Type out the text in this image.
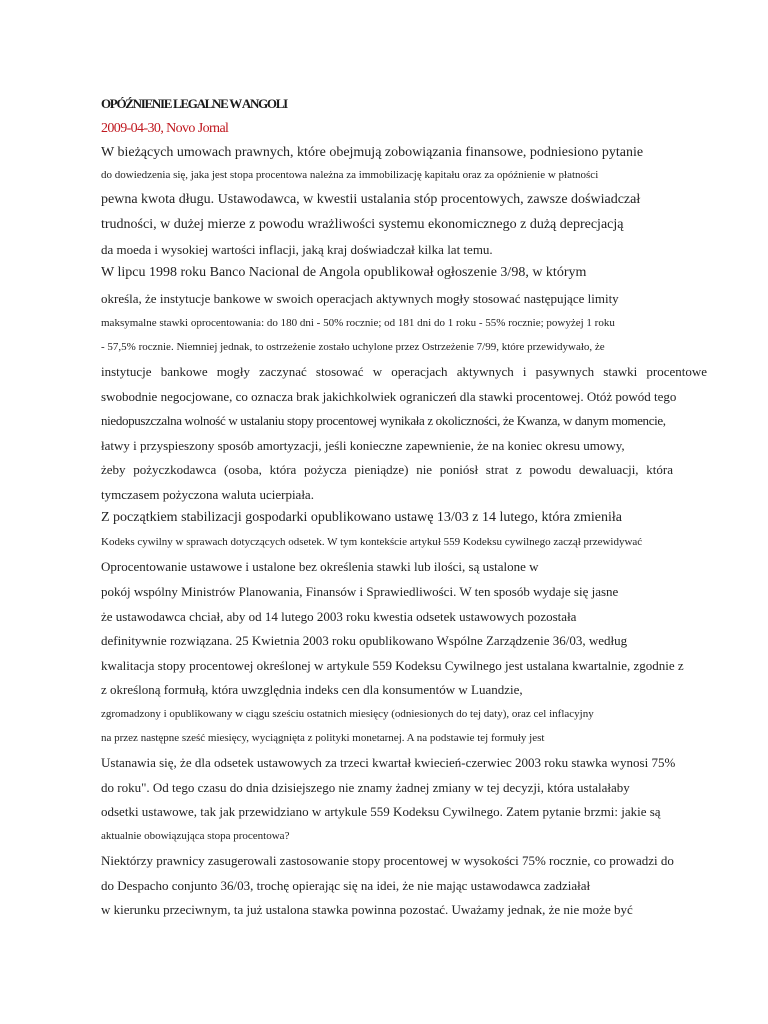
OPÓŹNIENIE LEGALNE W ANGOLI
2009-04-30, Novo Jornal
W bieżących umowach prawnych, które obejmują zobowiązania finansowe, podniesiono pytanie
do dowiedzenia się, jaka jest stopa procentowa należna za immobilizację kapitału oraz za opóźnienie w płatności
pewna kwota długu. Ustawodawca, w kwestii ustalania stóp procentowych, zawsze doświadczał
trudności, w dużej mierze z powodu wrażliwości systemu ekonomicznego z dużą deprecjacją
da moeda i wysokiej wartości inflacji, jaką kraj doświadczał kilka lat temu.
W lipcu 1998 roku Banco Nacional de Angola opublikował ogłoszenie 3/98, w którym
określa, że instytucje bankowe w swoich operacjach aktywnych mogły stosować następujące limity
maksymalne stawki oprocentowania: do 180 dni - 50% rocznie; od 181 dni do 1 roku - 55% rocznie; powyżej 1 roku
- 57,5% rocznie. Niemniej jednak, to ostrzeżenie zostało uchylone przez Ostrzeżenie 7/99, które przewidywało, że
instytucje bankowe mogły zaczynać stosować w operacjach aktywnych i pasywnych stawki procentowe
swobodnie negocjowane, co oznacza brak jakichkolwiek ograniczeń dla stawki procentowej. Otóż powód tego
niedopuszczalna wolność w ustalaniu stopy procentowej wynikała z okoliczności, że Kwanza, w danym momencie,
łatwy i przyspieszony sposób amortyzacji, jeśli konieczne zapewnienie, że na koniec okresu umowy,
żeby pożyczkodawca (osoba, która pożycza pieniądze) nie poniósł strat z powodu dewaluacji, która
tymczasem pożyczona waluta ucierpiała.
Z początkiem stabilizacji gospodarki opublikowano ustawę 13/03 z 14 lutego, która zmieniła
Kodeks cywilny w sprawach dotyczących odsetek. W tym kontekście artykuł 559 Kodeksu cywilnego zaczął przewidywać
Oprocentowanie ustawowe i ustalone bez określenia stawki lub ilości, są ustalone w
pokój wspólny Ministrów Planowania, Finansów i Sprawiedliwości. W ten sposób wydaje się jasne
że ustawodawca chciał, aby od 14 lutego 2003 roku kwestia odsetek ustawowych pozostała
definitywnie rozwiązana. 25 Kwietnia 2003 roku opublikowano Wspólne Zarządzenie 36/03, według
kwalitacja stopy procentowej określonej w artykule 559 Kodeksu Cywilnego jest ustalana kwartalnie, zgodnie z
z określoną formułą, która uwzględnia indeks cen dla konsumentów w Luandzie,
zgromadzony i opublikowany w ciągu sześciu ostatnich miesięcy (odniesionych do tej daty), oraz cel inflacyjny
na przez następne sześć miesięcy, wyciągnięta z polityki monetarnej. A na podstawie tej formuły jest
Ustanawia się, że dla odsetek ustawowych za trzeci kwartał kwiecień-czerwiec 2003 roku stawka wynosi 75%
do roku". Od tego czasu do dnia dzisiejszego nie znamy żadnej zmiany w tej decyzji, która ustalałaby
odsetki ustawowe, tak jak przewidziano w artykule 559 Kodeksu Cywilnego. Zatem pytanie brzmi: jakie są
aktualnie obowiązująca stopa procentowa?
Niektórzy prawnicy zasugerowali zastosowanie stopy procentowej w wysokości 75% rocznie, co prowadzi do
do Despacho conjunto 36/03, trochę opierając się na idei, że nie mając ustawodawca zadziałał
w kierunku przeciwnym, ta już ustalona stawka powinna pozostać. Uważamy jednak, że nie może być
